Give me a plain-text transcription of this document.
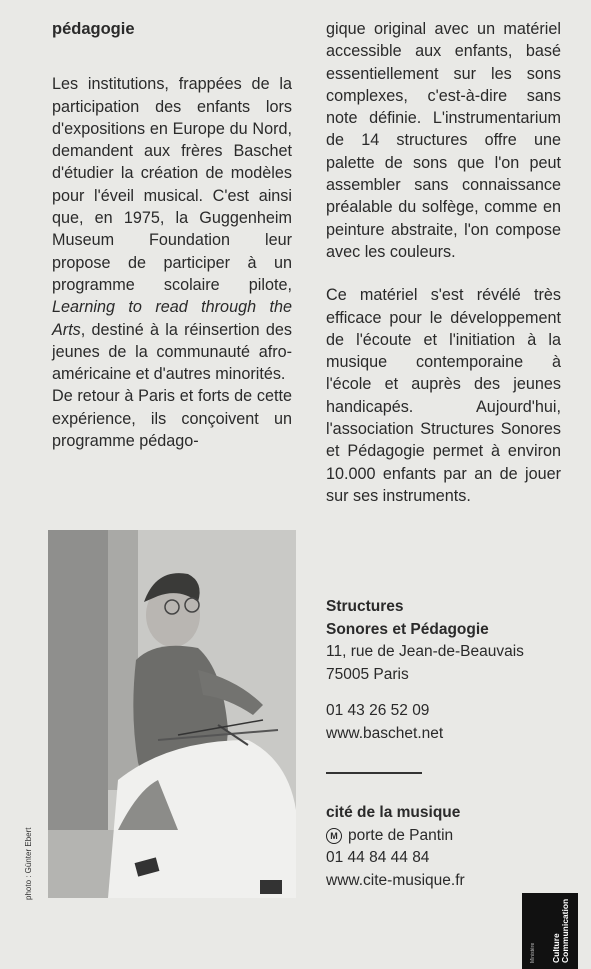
pédagogie

Les institutions, frappées de la participation des enfants lors d'expositions en Europe du Nord, demandent aux frères Baschet d'étudier la création de modèles pour l'éveil musical. C'est ainsi que, en 1975, la Guggenheim Museum Foundation leur propose de participer à un programme scolaire pilote, Learning to read through the Arts, destiné à la réinsertion des jeunes de la communauté afro-américaine et d'autres minorités.

De retour à Paris et forts de cette expérience, ils conçoivent un programme pédago-

gique original avec un matériel accessible aux enfants, basé essentiellement sur les sons complexes, c'est-à-dire sans note définie. L'instrumentarium de 14 structures offre une palette de sons que l'on peut assembler sans connaissance préalable du solfège, comme en peinture abstraite, l'on compose avec les couleurs.

Ce matériel s'est révélé très efficace pour le développement de l'écoute et l'initiation à la musique contemporaine à l'école et auprès des jeunes handicapés. Aujourd'hui, l'association Structures Sonores et Pédagogie permet à environ 10.000 enfants par an de jouer sur ses instruments.

photo : Günter Ebert
Structures
Sonores et Pédagogie
11, rue de Jean-de-Beauvais
75005 Paris
01 43 26 52 09
www.baschet.net
cité de la musique
M porte de Pantin
01 44 84 44 84
www.cite-musique.fr
Culture
Communication
Ministère
